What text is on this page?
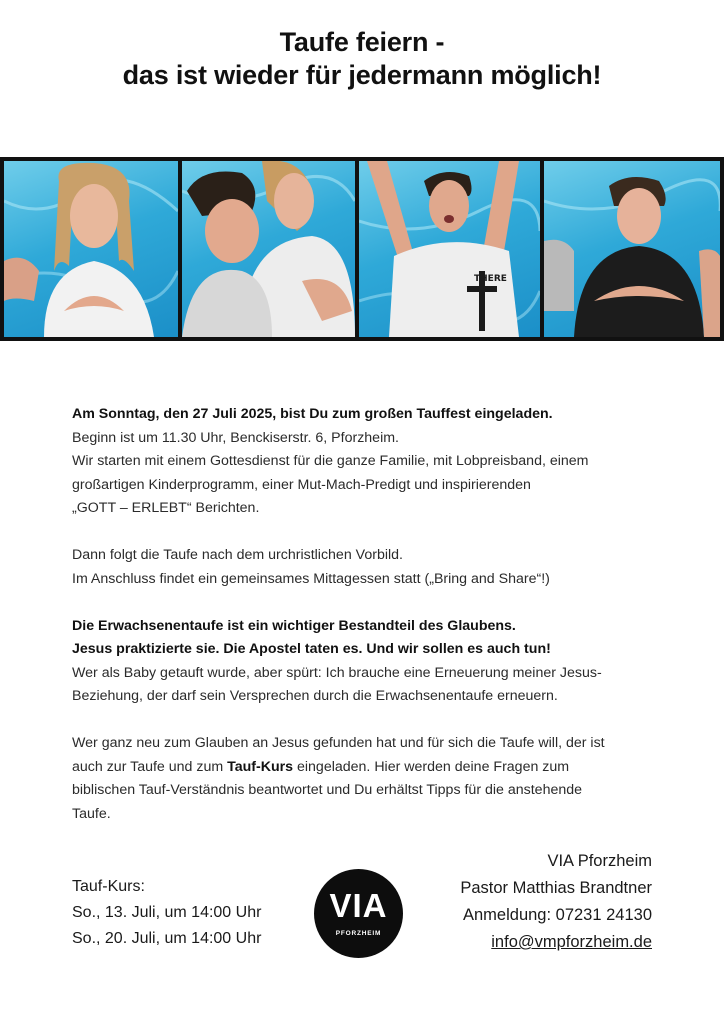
Taufe feiern -
das ist wieder für jedermann möglich!
THERE

Am Sonntag, den 27 Juli 2025, bist Du zum großen Tauffest eingeladen.

Beginn ist um 11.30 Uhr, Benckiserstr. 6, Pforzheim.

Wir starten mit einem Gottesdienst für die ganze Familie, mit Lobpreisband, einem

großartigen Kinderprogramm, einer Mut-Mach-Predigt und inspirierenden

„GOTT – ERLEBT“ Berichten.

Dann folgt die Taufe nach dem urchristlichen Vorbild.

Im Anschluss findet ein gemeinsames Mittagessen statt („Bring and Share“!)

Die Erwachsenentaufe ist ein wichtiger Bestandteil des Glaubens.

Jesus praktizierte sie. Die Apostel taten es. Und wir sollen es auch tun!

Wer als Baby getauft wurde, aber spürt: Ich brauche eine Erneuerung meiner Jesus-

Beziehung, der darf sein Versprechen durch die Erwachsenentaufe erneuern.

Wer ganz neu zum Glauben an Jesus gefunden hat und für sich die Taufe will, der ist

auch zur Taufe und zum Tauf-Kurs eingeladen. Hier werden deine Fragen zum

biblischen Tauf-Verständnis beantwortet und Du erhältst Tipps für die anstehende

Taufe.

Tauf-Kurs:
So., 13. Juli, um 14:00 Uhr
So., 20. Juli, um 14:00 Uhr
VIA
PFORZHEIM
VIA Pforzheim
Pastor Matthias Brandtner
Anmeldung: 07231 24130
info@vmpforzheim.de
